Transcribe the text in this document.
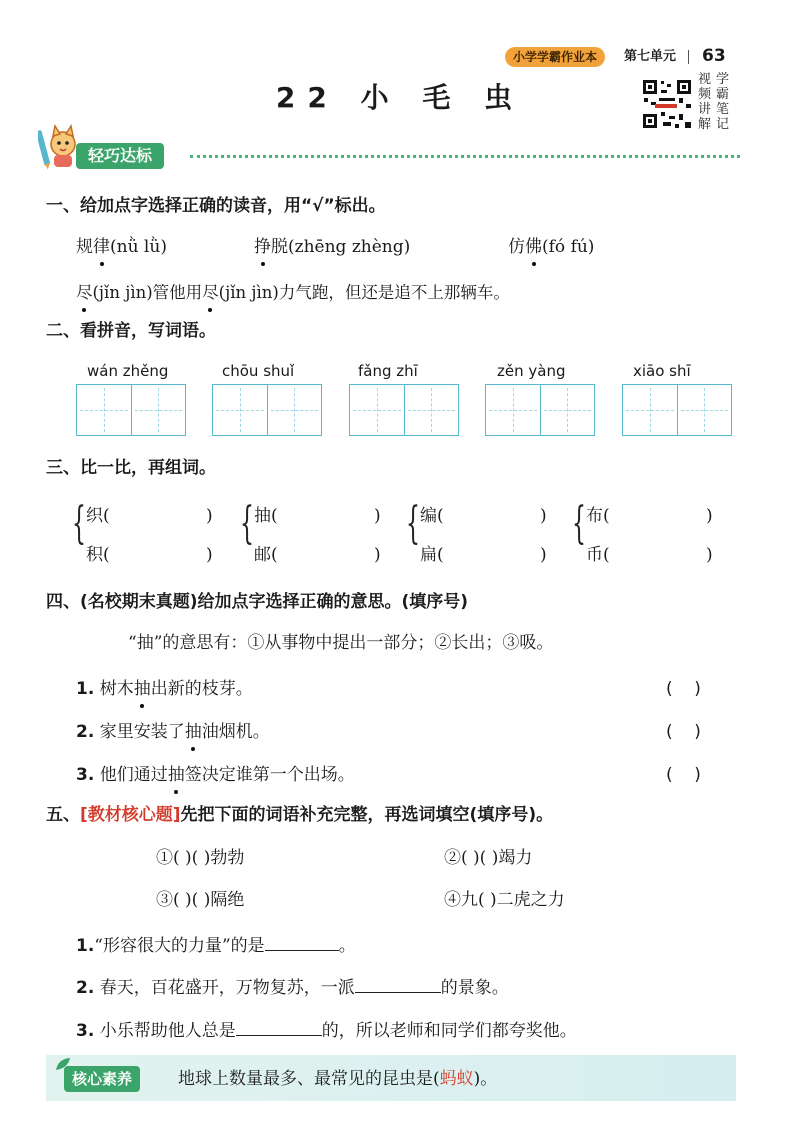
小学学霸作业本	第七单元 63
视
频
讲
解
学
霸
笔
记
22 小 毛 虫
轻巧达标
一、给加点字选择正确的读音，用“√”标出。
规律(nǜ lǜ)	挣脱(zhēng zhèng)	仿佛(fó fú)
尽(jǐn jìn)管他用尽(jǐn jìn)力气跑，但还是追不上那辆车。
二、看拼音，写词语。
wán zhěng	chōu shuǐ	fǎng zhī	zěn yàng	xiāo shī
三、比一比，再组词。
{ 织(	)
积(	)
{ 抽(	)
邮(	)
{ 编(	)
扁(	)
{ 布(	)
币(	)
四、(名校期末真题)给加点字选择正确的意思。(填序号)
“抽”的意思有：①从事物中提出一部分；②长出；③吸。
1. 树木抽出新的枝芽。	(    )
2. 家里安装了抽油烟机。	(    )
3. 他们通过抽签决定谁第一个出场。	(    )
五、[教材核心题]先把下面的词语补充完整，再选词填空(填序号)。
①( )( )勃勃	②( )( )竭力
③( )( )隔绝	④九( )二虎之力
1.“形容很大的力量”的是	。
2. 春天，百花盛开，万物复苏，一派	的景象。
3. 小乐帮助他人总是	的，所以老师和同学们都夸奖他。
核心素养	地球上数量最多、最常见的昆虫是(蚂蚁)。
